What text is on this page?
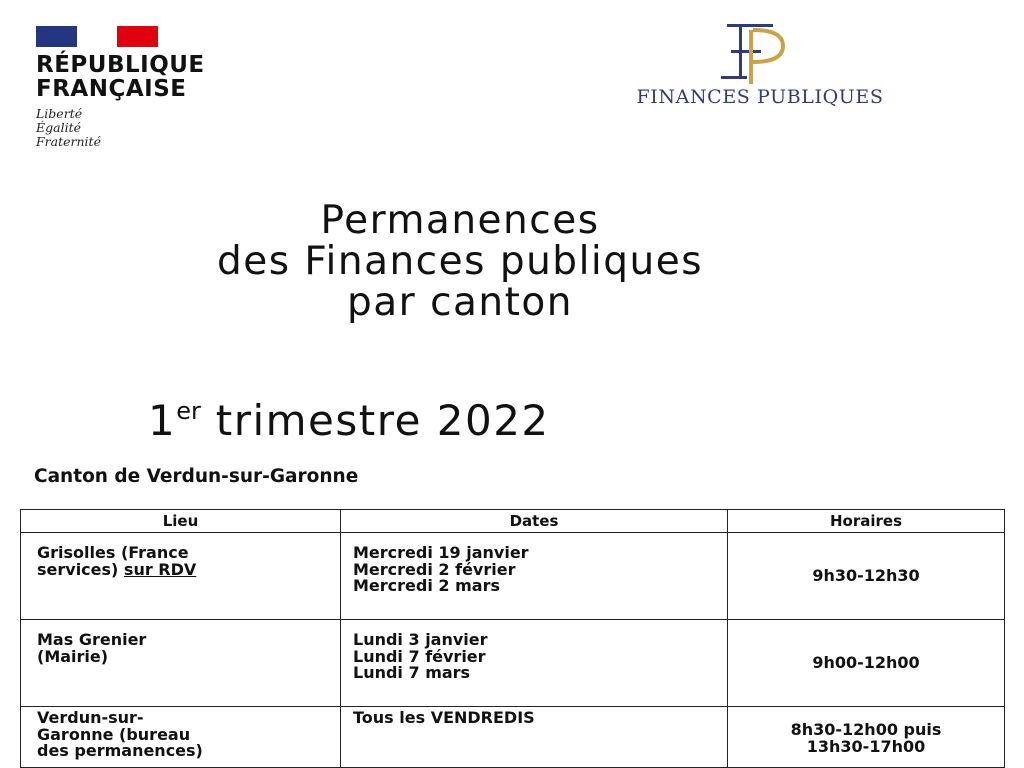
RÉPUBLIQUE
FRANÇAISE
Liberté
Égalité
Fraternité
FINANCES PUBLIQUES
Permanences
des Finances publiques
par canton
1er trimestre 2022
Canton de Verdun-sur-Garonne
Lieu	Dates	Horaires

Grisolles (France
services) sur RDV	Mercredi 19 janvier
Mercredi 2 février
Mercredi 2 mars	9h30-12h30

Mas Grenier
(Mairie)	Lundi 3 janvier
Lundi 7 février
Lundi 7 mars	9h00-12h00

Verdun-sur-
Garonne (bureau
des permanences)	Tous les VENDREDIS	8h30-12h00 puis
13h30-17h00
